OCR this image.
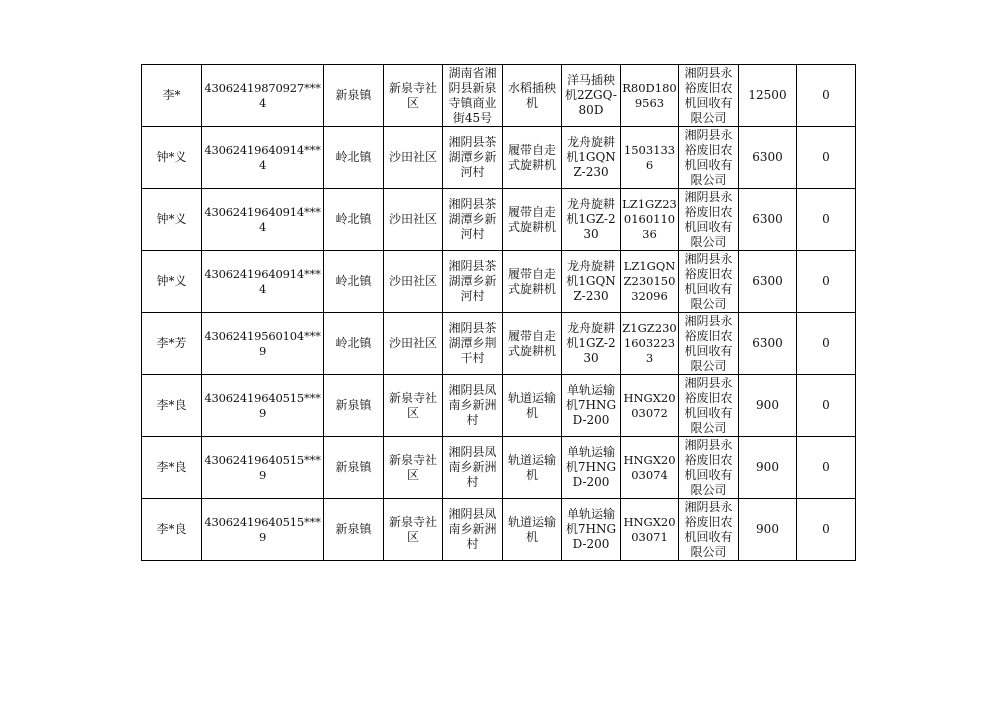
李*	43062419870927***4	新泉镇	新泉寺社区	湖南省湘阴县新泉寺镇商业街45号	水稻插秧机	洋马插秧机2ZGQ-80D	R80D1809563	湘阴县永裕废旧农机回收有限公司	12500	0
钟*义	43062419640914***4	岭北镇	沙田社区	湘阴县茶湖潭乡新河村	履带自走式旋耕机	龙舟旋耕机1GQNZ-230	15031336	湘阴县永裕废旧农机回收有限公司	6300	0
钟*义	43062419640914***4	岭北镇	沙田社区	湘阴县茶湖潭乡新河村	履带自走式旋耕机	龙舟旋耕机1GZ-230	LZ1GZ23016011036	湘阴县永裕废旧农机回收有限公司	6300	0
钟*义	43062419640914***4	岭北镇	沙田社区	湘阴县茶湖潭乡新河村	履带自走式旋耕机	龙舟旋耕机1GQNZ-230	LZ1GQNZ23015032096	湘阴县永裕废旧农机回收有限公司	6300	0
李*芳	43062419560104***9	岭北镇	沙田社区	湘阴县茶湖潭乡荆干村	履带自走式旋耕机	龙舟旋耕机1GZ-230	Z1GZ23016032233	湘阴县永裕废旧农机回收有限公司	6300	0
李*良	43062419640515***9	新泉镇	新泉寺社区	湘阴县凤南乡新洲村	轨道运输机	单轨运输机7HNGD-200	HNGX2003072	湘阴县永裕废旧农机回收有限公司	900	0
李*良	43062419640515***9	新泉镇	新泉寺社区	湘阴县凤南乡新洲村	轨道运输机	单轨运输机7HNGD-200	HNGX2003074	湘阴县永裕废旧农机回收有限公司	900	0
李*良	43062419640515***9	新泉镇	新泉寺社区	湘阴县凤南乡新洲村	轨道运输机	单轨运输机7HNGD-200	HNGX2003071	湘阴县永裕废旧农机回收有限公司	900	0
